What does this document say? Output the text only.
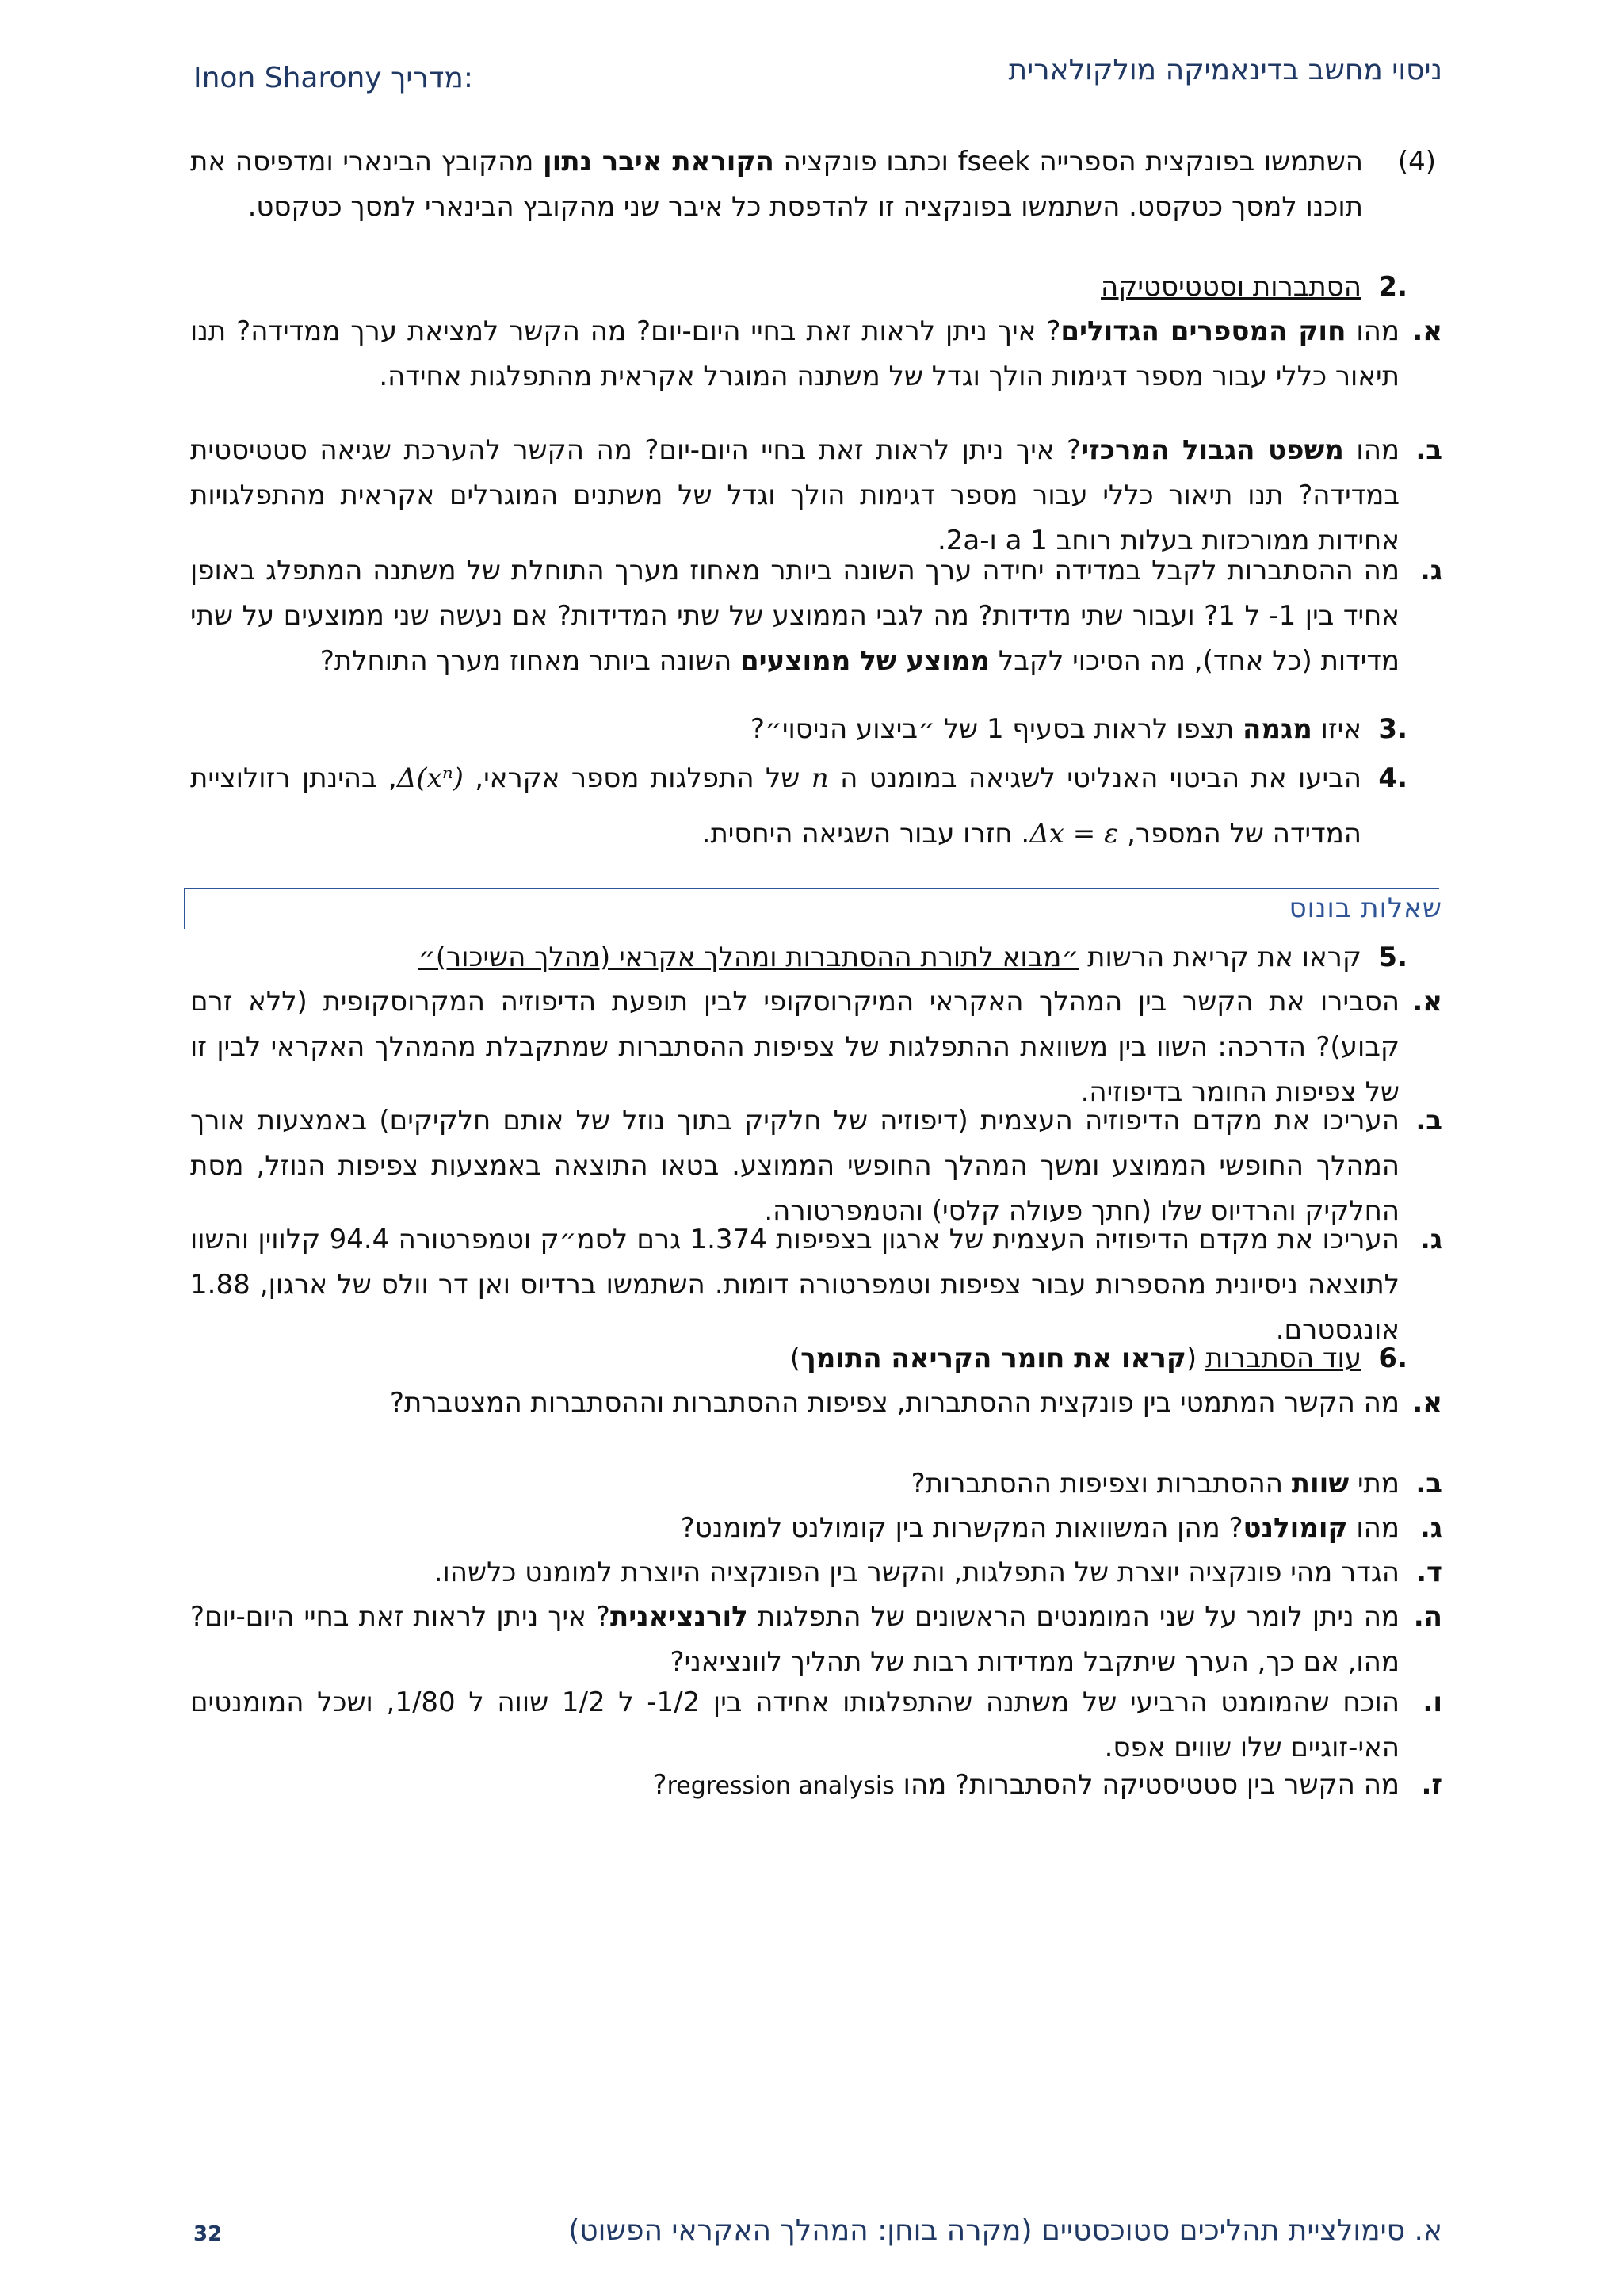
ניסוי מחשב בדינאמיקה מולקולארית
Inon Sharony מדריך:
(4)
השתמשו בפונקצית הספרייה fseek וכתבו פונקציה הקוראת איבר נתון מהקובץ הבינארי ומדפיסה את תוכנו למסך כטקסט. השתמשו בפונקציה זו להדפסת כל איבר שני מהקובץ הבינארי למסך כטקסט.
.2
הסתברות וסטטיסטיקה
א.
מהו חוק המספרים הגדולים? איך ניתן לראות זאת בחיי היום-יום? מה הקשר למציאת ערך ממדידה? תנו תיאור כללי עבור מספר דגימות הולך וגדל של משתנה המוגרל אקראית מהתפלגות אחידה.
ב.
מהו משפט הגבול המרכזי? איך ניתן לראות זאת בחיי היום-יום? מה הקשר להערכת שגיאה סטטיסטית במדידה? תנו תיאור כללי עבור מספר דגימות הולך וגדל של משתנים המוגרלים אקראית מהתפלגויות אחידות ממורכזות בעלות רוחב a 1 ו-2a.
ג.
מה ההסתברות לקבל במדידה יחידה ערך השונה ביותר מאחוז מערך התוחלת של משתנה המתפלג באופן אחיד בין 1- ל 1? ועבור שתי מדידות? מה לגבי הממוצע של שתי המדידות? אם נעשה שני ממוצעים על שתי מדידות (כל אחד), מה הסיכוי לקבל ממוצע של ממוצעים השונה ביותר מאחוז מערך התוחלת?
.3
איזו מגמה תצפו לראות בסעיף 1 של ״ביצוע הניסוי״?
.4
הביעו את הביטוי האנליטי לשגיאה במומנט ה n של התפלגות מספר אקראי, Δ(xⁿ), בהינתן רזולוציית המדידה של המספר, Δx = ε. חזרו עבור השגיאה היחסית.
שאלות בונוס
.5
קראו את קריאת הרשות ״מבוא לתורת ההסתברות ומהלך אקראי (מהלך השיכור)״
א.
הסבירו את הקשר בין המהלך האקראי המיקרוסקופי לבין תופעת הדיפוזיה המקרוסקופית (ללא זרם קבוע)? הדרכה: השוו בין משוואת ההתפלגות של צפיפות ההסתברות שמתקבלת מהמהלך האקראי לבין זו של צפיפות החומר בדיפוזיה.
ב.
העריכו את מקדם הדיפוזיה העצמית (דיפוזיה של חלקיק בתוך נוזל של אותם חלקיקים) באמצעות אורך המהלך החופשי הממוצע ומשך המהלך החופשי הממוצע. בטאו התוצאה באמצעות צפיפות הנוזל, מסת החלקיק והרדיוס שלו (חתך פעולה קלסי) והטמפרטורה.
ג.
העריכו את מקדם הדיפוזיה העצמית של ארגון בצפיפות 1.374 גרם לסמ״ק וטמפרטורה 94.4 קלווין והשוו לתוצאה ניסיונית מהספרות עבור צפיפות וטמפרטורה דומות. השתמשו ברדיוס ואן דר וולס של ארגון, 1.88 אונגסטרם.
.6
עוד הסתברות (קראו את חומר הקריאה התומך)
א.
מה הקשר המתמטי בין פונקצית ההסתברות, צפיפות ההסתברות וההסתברות המצטברת?
ב.
מתי שוות ההסתברות וצפיפות ההסתברות?
ג.
מהו קומולנט? מהן המשוואות המקשרות בין קומולנט למומנט?
ד.
הגדר מהי פונקציה יוצרת של התפלגות, והקשר בין הפונקציה היוצרת למומנט כלשהו.
ה.
מה ניתן לומר על שני המומנטים הראשונים של התפלגות לורנציאנית? איך ניתן לראות זאת בחיי היום-יום? מהו, אם כך, הערך שיתקבל ממדידות רבות של תהליך לוונציאני?
ו.
הוכח שהמומנט הרביעי של משתנה שהתפלגותו אחידה בין 1/2- ל 1/2 שווה ל 1/80, ושכל המומנטים האי-זוגיים שלו שווים אפס.
ז.
מה הקשר בין סטטיסטיקה להסתברות? מהו regression analysis?
32	א. סימולציית תהליכים סטוכסטיים (מקרה בוחן: המהלך האקראי הפשוט)
